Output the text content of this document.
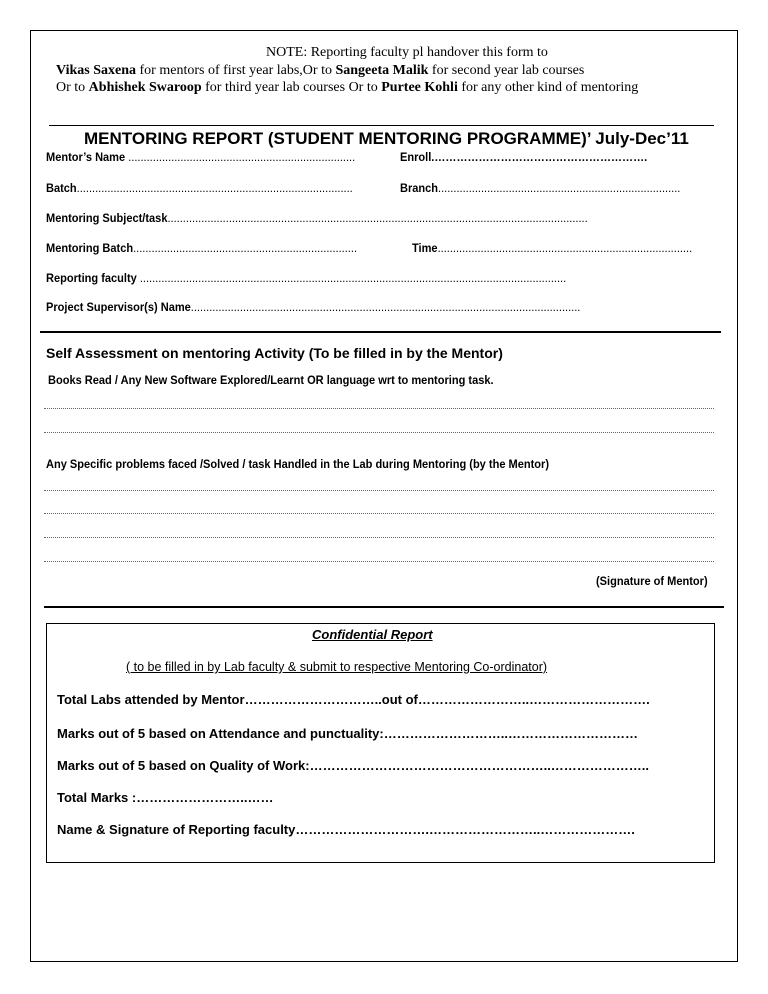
NOTE: Reporting faculty pl handover this form to
Vikas Saxena for mentors of first year labs,Or to Sangeeta Malik for second year lab courses
Or to Abhishek Swaroop for third year lab courses Or to Purtee Kohli for any other kind of mentoring
MENTORING REPORT (STUDENT MENTORING PROGRAMME)’ July-Dec’11
Mentor’s Name ..........................................................................	Enroll.………………………………………………….
Batch..........................................................................................	Branch...............................................................................
Mentoring Subject/task.........................................................................................................................................
Mentoring Batch.........................................................................	Time...................................................................................
Reporting faculty ...........................................................................................................................................
Project Supervisor(s) Name...............................................................................................................................
Self Assessment on mentoring Activity (To be filled in by the Mentor)
Books Read / Any New Software Explored/Learnt OR language wrt to mentoring task.
Any Specific problems faced /Solved / task Handled in the Lab during Mentoring (by the Mentor)
(Signature of Mentor)
Confidential Report
( to be filled in by Lab faculty & submit to respective Mentoring Co-ordinator)
Total Labs attended by Mentor…………………………..out of……………………..……………………….
Marks out of 5 based on Attendance and punctuality:………………………..…………………………
Marks out of 5 based on Quality of Work:………………………………………………..…………………..
Total Marks :……………………..……
Name & Signature of Reporting faculty………………………….……………………..………………….
